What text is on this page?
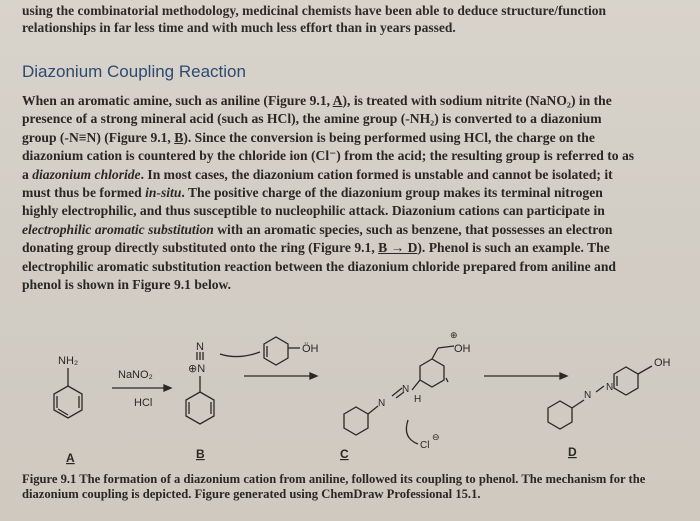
using the combinatorial methodology, medicinal chemists have been able to deduce structure/function
relationships in far less time and with much less effort than in years passed.
Diazonium Coupling Reaction
When an aromatic amine, such as aniline (Figure 9.1, A), is treated with sodium nitrite (NaNO₂) in the
presence of a strong mineral acid (such as HCl), the amine group (-NH₂) is converted to a diazonium
group (-N≡N) (Figure 9.1, B). Since the conversion is being performed using HCl, the charge on the
diazonium cation is countered by the chloride ion (Cl⁻) from the acid; the resulting group is referred to as
a diazonium chloride. In most cases, the diazonium cation formed is unstable and cannot be isolated; it
must thus be formed in-situ. The positive charge of the diazonium group makes its terminal nitrogen
highly electrophilic, and thus susceptible to nucleophilic attack. Diazonium cations can participate in
electrophilic aromatic substitution with an aromatic species, such as benzene, that possesses an electron
donating group directly substituted onto the ring (Figure 9.1, B → D). Phenol is such an example. The
electrophilic aromatic substitution reaction between the diazonium chloride prepared from aniline and
phenol is shown in Figure 9.1 below.
NH₂
NaNO₂
HCl
N
⊕N
ÖH
⊕
OH
N
N
H
Cl
⊖
OH
N
N
A	B	C	D
Figure 9.1 The formation of a diazonium cation from aniline, followed its coupling to phenol. The mechanism for the
diazonium coupling is depicted. Figure generated using ChemDraw Professional 15.1.
